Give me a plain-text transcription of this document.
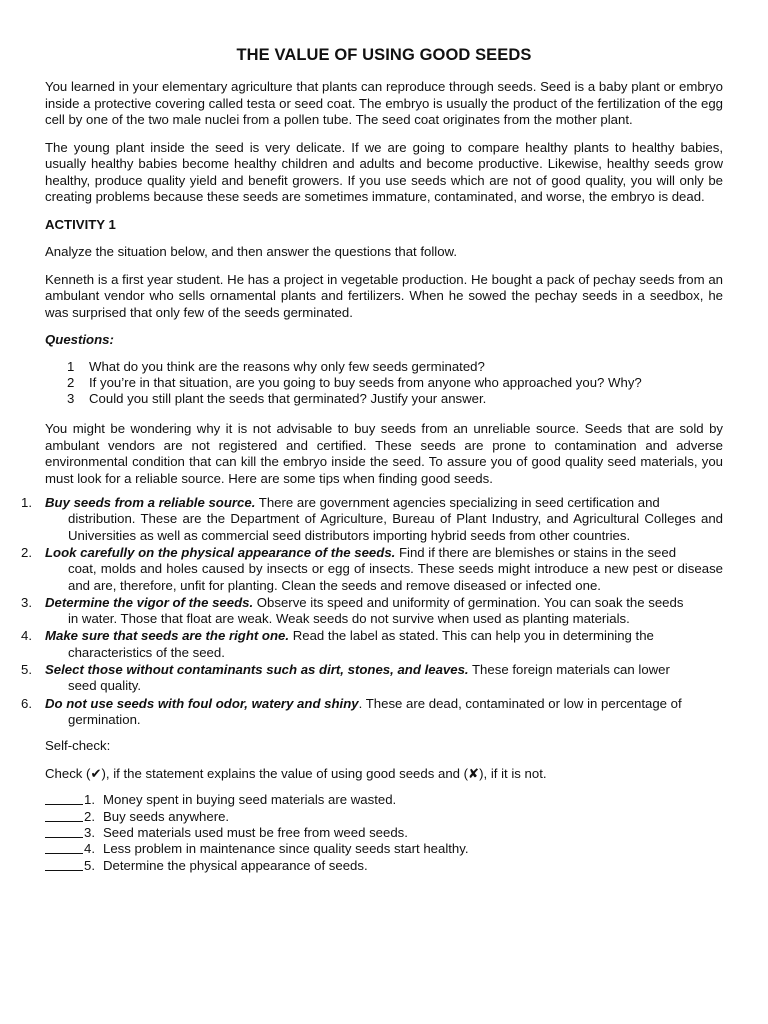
THE VALUE OF USING GOOD SEEDS

You learned in your elementary agriculture that plants can reproduce through seeds. Seed is a baby plant or embryo inside a protective covering called testa or seed coat. The embryo is usually the product of the fertilization of the egg cell by one of the two male nuclei from a pollen tube. The seed coat originates from the mother plant.

The young plant inside the seed is very delicate. If we are going to compare healthy plants to healthy babies, usually healthy babies become healthy children and adults and become productive. Likewise, healthy seeds grow healthy, produce quality yield and benefit growers. If you use seeds which are not of good quality, you will only be creating problems because these seeds are sometimes immature, contaminated, and worse, the embryo is dead.

ACTIVITY 1

Analyze the situation below, and then answer the questions that follow.

Kenneth is a first year student. He has a project in vegetable production. He bought a pack of pechay seeds from an ambulant vendor who sells ornamental plants and fertilizers. When he sowed the pechay seeds in a seedbox, he was surprised that only few of the seeds germinated.

Questions:
1	What do you think are the reasons why only few seeds germinated?
2	If you’re in that situation, are you going to buy seeds from anyone who approached you? Why?
3	Could you still plant the seeds that germinated? Justify your answer.

You might be wondering why it is not advisable to buy seeds from an unreliable source. Seeds that are sold by ambulant vendors are not registered and certified. These seeds are prone to contamination and adverse environmental condition that can kill the embryo inside the seed. To assure you of good quality seed materials, you must look for a reliable source. Here are some tips when finding good seeds.

1. Buy seeds from a reliable source. There are government agencies specializing in seed certification and
distribution. These are the Department of Agriculture, Bureau of Plant Industry, and Agricultural Colleges and Universities as well as commercial seed distributors importing hybrid seeds from other countries.
2. Look carefully on the physical appearance of the seeds. Find if there are blemishes or stains in the seed
coat, molds and holes caused by insects or egg of insects. These seeds might introduce a new pest or disease and are, therefore, unfit for planting. Clean the seeds and remove diseased or infected one.
3. Determine the vigor of the seeds. Observe its speed and uniformity of germination. You can soak the seeds
in water. Those that float are weak. Weak seeds do not survive when used as planting materials.
4. Make sure that seeds are the right one. Read the label as stated. This can help you in determining the
characteristics of the seed.
5. Select those without contaminants such as dirt, stones, and leaves. These foreign materials can lower
seed quality.
6. Do not use seeds with foul odor, watery and shiny. These are dead, contaminated or low in percentage of
germination.

Self-check:

Check (✔), if the statement explains the value of using good seeds and (✘), if it is not.

1. Money spent in buying seed materials are wasted.
2. Buy seeds anywhere.
3. Seed materials used must be free from weed seeds.
4. Less problem in maintenance since quality seeds start healthy.
5. Determine the physical appearance of seeds.
